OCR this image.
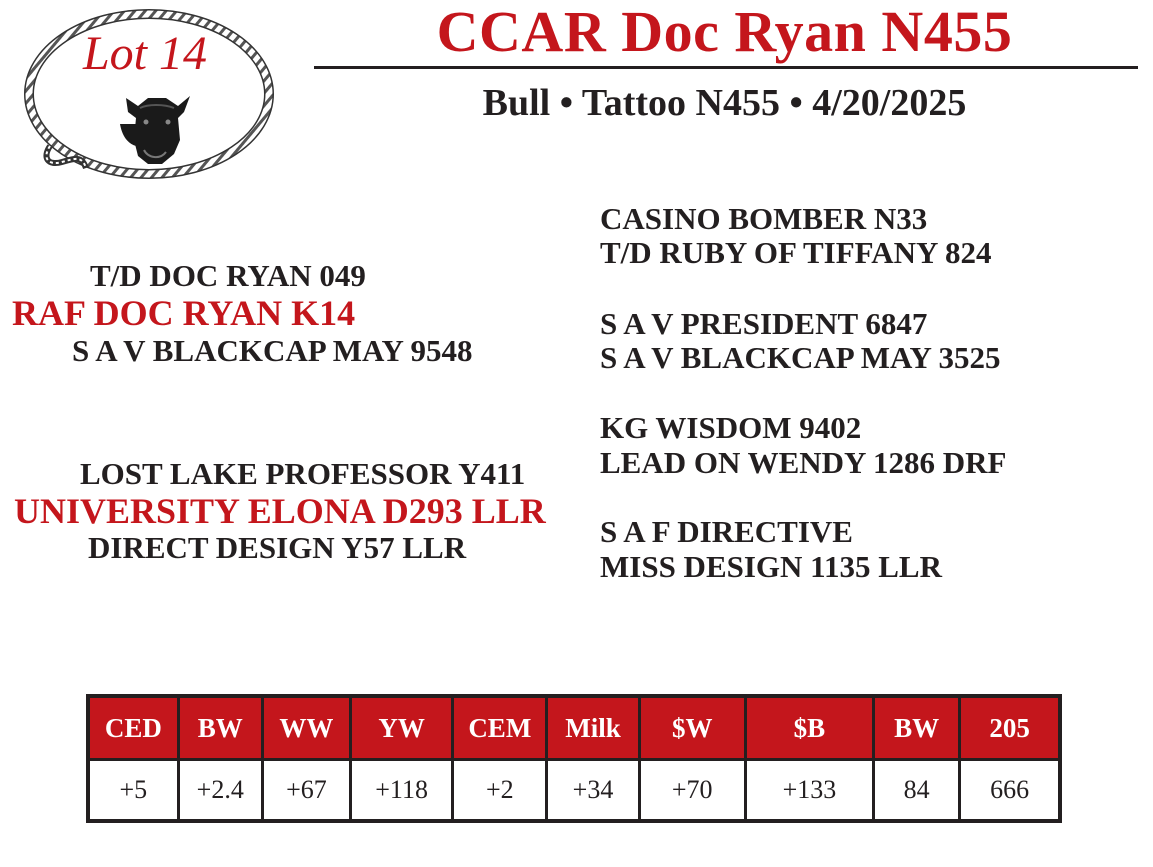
Lot 14	CCAR Doc Ryan N455
Bull • Tattoo N455 • 4/20/2025
T/D DOC RYAN 049
RAF DOC RYAN K14
S A V BLACKCAP MAY 9548
CASINO BOMBER N33
T/D RUBY OF TIFFANY 824
S A V PRESIDENT 6847
S A V BLACKCAP MAY 3525
LOST LAKE PROFESSOR Y411
UNIVERSITY ELONA D293 LLR
DIRECT DESIGN Y57 LLR
KG WISDOM 9402
LEAD ON WENDY 1286 DRF
S A F DIRECTIVE
MISS DESIGN 1135 LLR
CED	BW	WW	YW	CEM	Milk	$W	$B	BW	205
+5	+2.4	+67	+118	+2	+34	+70	+133	84	666
